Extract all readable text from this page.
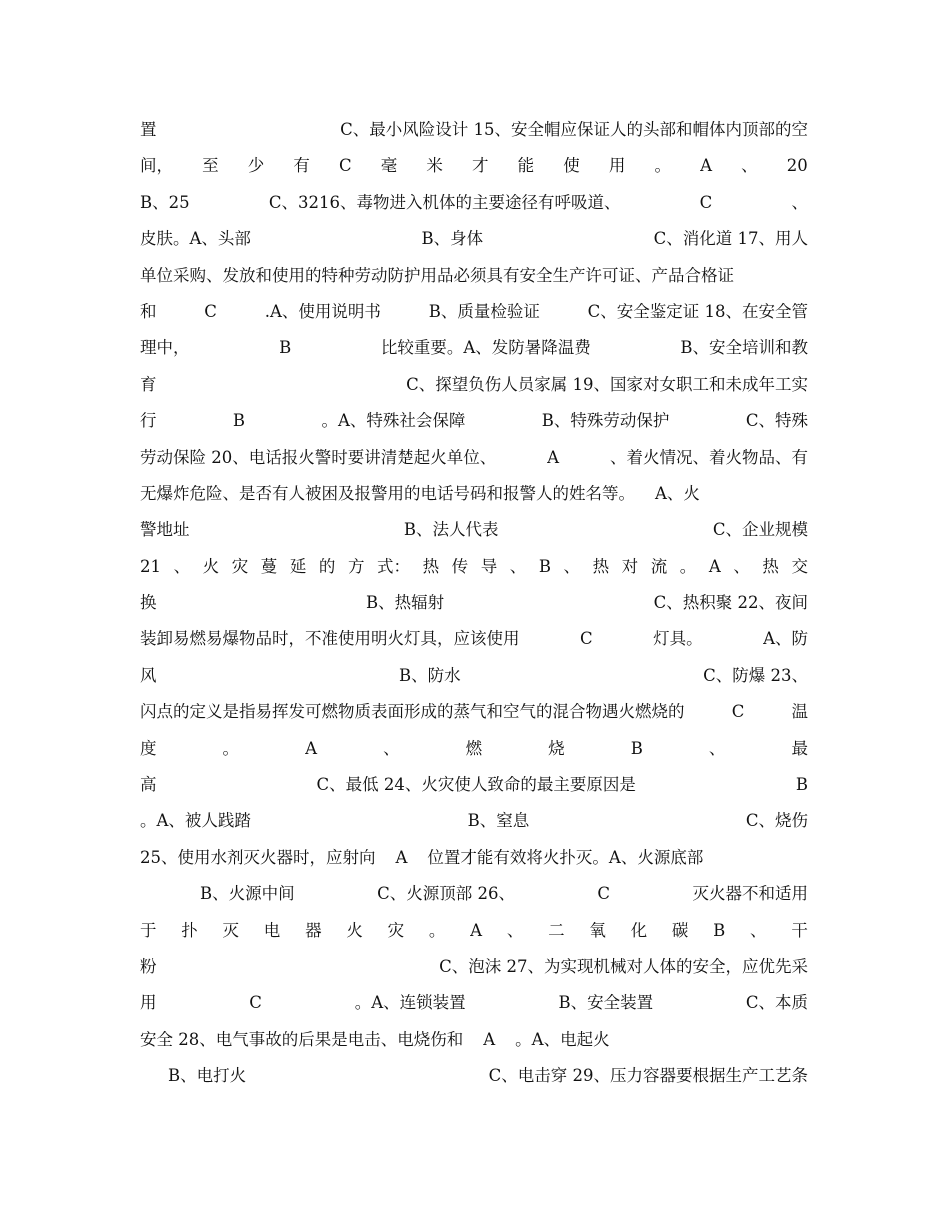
置	C、最小风险设计 15、安全帽应保证人的头部和帽体内顶部的空
间， 至 少 有 C 毫 米 才 能 使 用 。 A 、 20
B、25	C、3216、毒物进入机体的主要途径有呼吸道、	C	、
皮肤。A、头部	B、身体	C、消化道 17、用人
单位采购、发放和使用的特种劳动防护用品必须具有安全生产许可证、产品合格证
和	C	.A、使用说明书	B、质量检验证	C、安全鉴定证 18、在安全管
理中，	B	比较重要。A、发防暑降温费	B、安全培训和教
育	C、探望负伤人员家属 19、国家对女职工和未成年工实
行	B	。A、特殊社会保障	B、特殊劳动保护	C、特殊
劳动保险 20、电话报火警时要讲清楚起火单位、	A	、着火情况、着火物品、有
无爆炸危险、是否有人被困及报警用的电话号码和报警人的姓名等。 A、火
警地址	B、法人代表	C、企业规模
21 、 火 灾 蔓 延 的 方 式： 热 传 导 、 B 、 热 对 流 。 A 、 热 交
换	B、热辐射	C、热积聚 22、夜间
装卸易燃易爆物品时，不准使用明火灯具，应该使用	C	灯具。	A、防
风	B、防水	C、防爆 23、
闪点的定义是指易挥发可燃物质表面形成的蒸气和空气的混合物遇火燃烧的	C	温
度	。	A	、	燃	烧	B	、	最
高	C、最低 24、火灾使人致命的最主要原因是	B
。A、被人践踏	B、窒息	C、烧伤
25、使用水剂灭火器时，应射向 A 位置才能有效将火扑灭。A、火源底部
B、火源中间	C、火源顶部 26、	C	灭火器不和适用
于 扑 灭 电 器 火 灾 。 A 、 二 氧 化 碳 B 、 干
粉	C、泡沫 27、为实现机械对人体的安全，应优先采
用	C	。A、连锁装置	B、安全装置	C、本质
安全 28、电气事故的后果是电击、电烧伤和 A 。A、电起火
B、电打火	C、电击穿 29、压力容器要根据生产工艺条
